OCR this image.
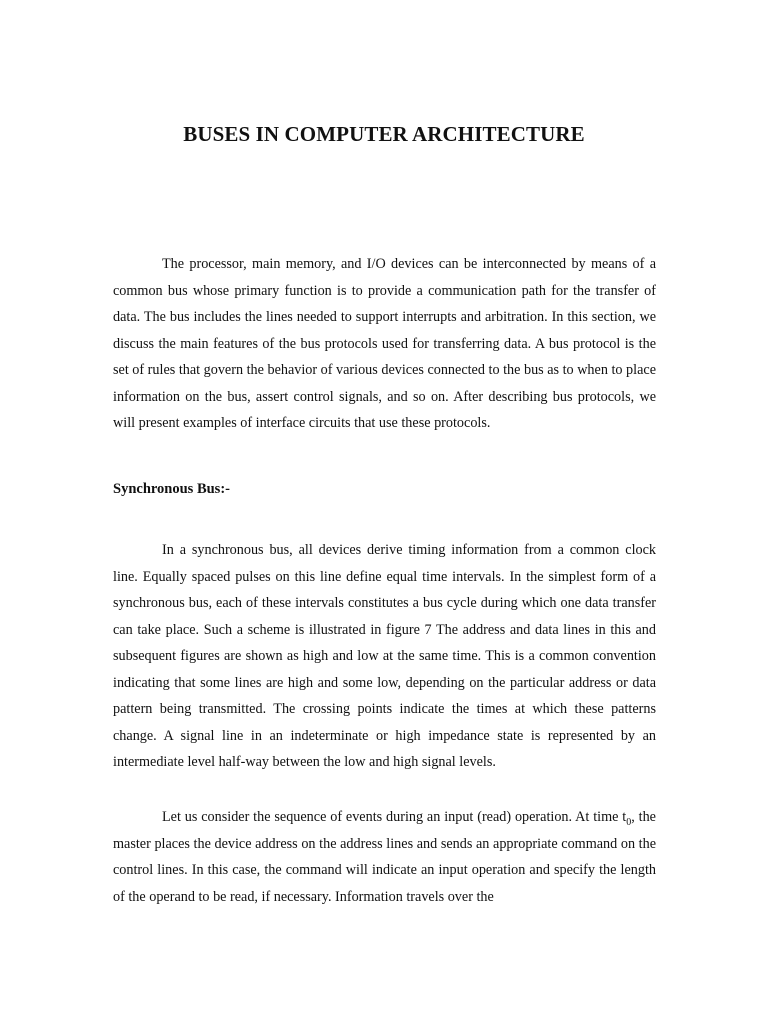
BUSES IN COMPUTER ARCHITECTURE

The processor, main memory, and I/O devices can be interconnected by means of a common bus whose primary function is to provide a communication path for the transfer of data. The bus includes the lines needed to support interrupts and arbitration. In this section, we discuss the main features of the bus protocols used for transferring data. A bus protocol is the set of rules that govern the behavior of various devices connected to the bus as to when to place information on the bus, assert control signals, and so on. After describing bus protocols, we will present examples of interface circuits that use these protocols.

Synchronous Bus:-

In a synchronous bus, all devices derive timing information from a common clock line. Equally spaced pulses on this line define equal time intervals. In the simplest form of a synchronous bus, each of these intervals constitutes a bus cycle during which one data transfer can take place. Such a scheme is illustrated in figure 7 The address and data lines in this and subsequent figures are shown as high and low at the same time. This is a common convention indicating that some lines are high and some low, depending on the particular address or data pattern being transmitted. The crossing points indicate the times at which these patterns change. A signal line in an indeterminate or high impedance state is represented by an intermediate level half-way between the low and high signal levels.

Let us consider the sequence of events during an input (read) operation. At time $t_0$, the master places the device address on the address lines and sends an appropriate command on the control lines. In this case, the command will indicate an input operation and specify the length of the operand to be read, if necessary. Information travels over the
